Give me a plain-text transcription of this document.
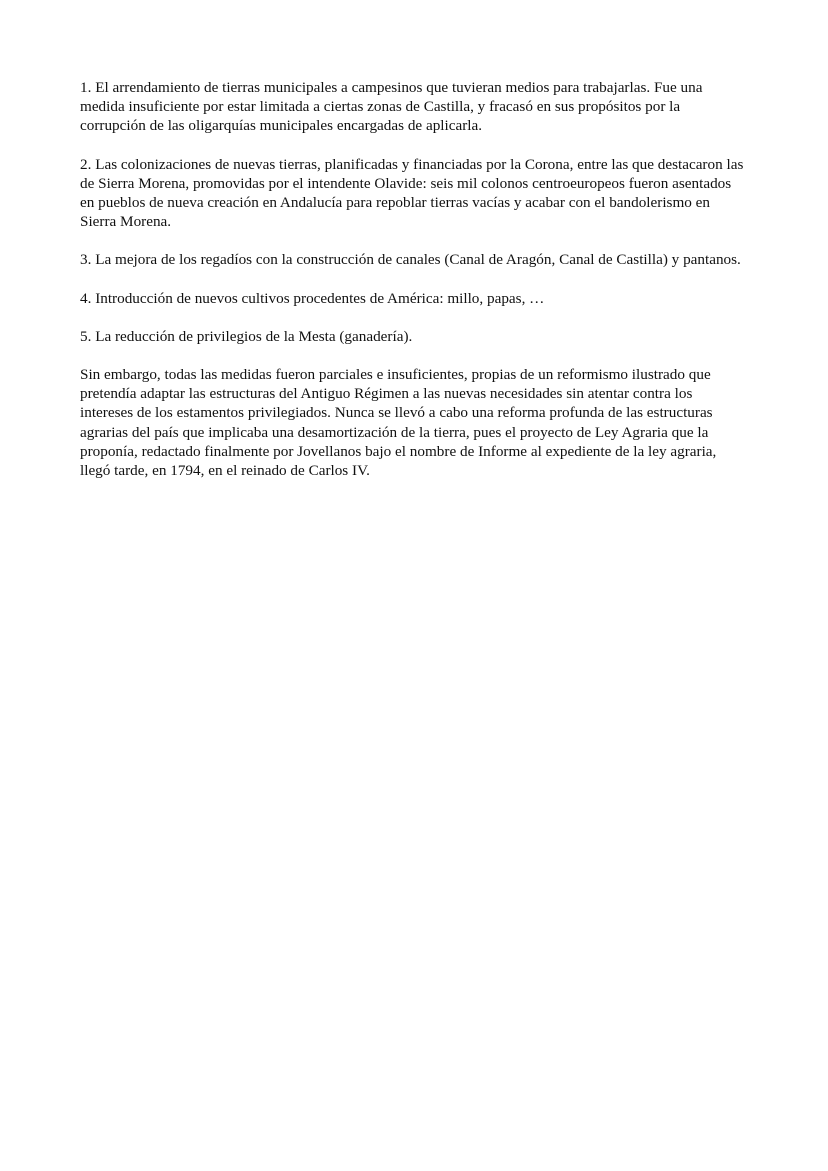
1. El arrendamiento de tierras municipales a campesinos que tuvieran medios para trabajarlas. Fue una medida insuficiente por estar limitada a ciertas zonas de Castilla, y fracasó en sus propósitos por la corrupción de las oligarquías municipales encargadas de aplicarla.

2. Las colonizaciones de nuevas tierras, planificadas y financiadas por la Corona, entre las que destacaron las de Sierra Morena, promovidas por el intendente Olavide: seis mil colonos centroeuropeos fueron asentados en pueblos de nueva creación en Andalucía para repoblar tierras vacías y acabar con el bandolerismo en Sierra Morena.

3. La mejora de los regadíos con la construcción de canales (Canal de Aragón, Canal de Castilla) y pantanos.

4. Introducción de nuevos cultivos procedentes de América: millo, papas, …

5. La reducción de privilegios de la Mesta (ganadería).

Sin embargo, todas las medidas fueron parciales e insuficientes, propias de un reformismo ilustrado que pretendía adaptar las estructuras del Antiguo Régimen a las nuevas necesidades sin atentar contra los intereses de los estamentos privilegiados. Nunca se llevó a cabo una reforma profunda de las estructuras agrarias del país que implicaba una desamortización de la tierra, pues el proyecto de Ley Agraria que la proponía, redactado finalmente por Jovellanos bajo el nombre de Informe al expediente de la ley agraria, llegó tarde, en 1794, en el reinado de Carlos IV.
